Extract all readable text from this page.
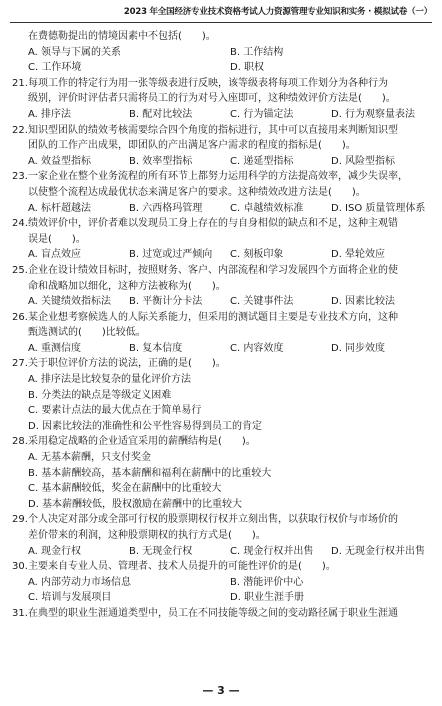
2023 年全国经济专业技术资格考试人力资源管理专业知识和实务 · 模拟试卷（一）
在费德勒提出的情境因素中不包括(　　)。
A. 领导与下属的关系	B. 工作结构
C. 工作环境	D. 职权
21. 每项工作的特定行为用一张等级表进行反映，该等级表将每项工作划分为各种行为
级别，评价时评估者只需将员工的行为对号入座即可，这种绩效评价方法是(　　)。
A. 排序法	B. 配对比较法	C. 行为锚定法	D. 行为观察量表法
22. 知识型团队的绩效考核需要综合四个角度的指标进行，其中可以直接用来判断知识型
团队的工作产出成果，即团队的产出满足客户需求的程度的指标是(　　)。
A. 效益型指标	B. 效率型指标	C. 递延型指标	D. 风险型指标
23. 一家企业在整个业务流程的所有环节上都努力运用科学的方法提高效率，减少失误率，
以使整个流程达成最优状态来满足客户的要求。这种绩效改进方法是(　　)。
A. 标杆超越法	B. 六西格玛管理	C. 卓越绩效标准	D. ISO 质量管理体系
24. 绩效评价中，评价者难以发现员工身上存在的与自身相似的缺点和不足，这种主观错
误是(　　)。
A. 盲点效应	B. 过宽或过严倾向	C. 刻板印象	D. 晕轮效应
25. 企业在设计绩效目标时，按照财务、客户、内部流程和学习发展四个方面将企业的使
命和战略加以细化，这种方法被称为(　　)。
A. 关键绩效指标法	B. 平衡计分卡法	C. 关键事件法	D. 因素比较法
26. 某企业想考察候选人的人际关系能力，但采用的测试题目主要是专业技术方向，这种
甄选测试的(　　)比较低。
A. 重测信度	B. 复本信度	C. 内容效度	D. 同步效度
27. 关于职位评价方法的说法，正确的是(　　)。
A. 排序法是比较复杂的量化评价方法
B. 分类法的缺点是等级定义困难
C. 要素计点法的最大优点在于简单易行
D. 因素比较法的准确性和公平性容易得到员工的肯定
28. 采用稳定战略的企业适宜采用的薪酬结构是(　　)。
A. 无基本薪酬，只支付奖金
B. 基本薪酬较高，基本薪酬和福利在薪酬中的比重较大
C. 基本薪酬较低，奖金在薪酬中的比重较大
D. 基本薪酬较低，股权激励在薪酬中的比重较大
29. 个人决定对部分或全部可行权的股票期权行权并立刻出售，以获取行权价与市场价的
差价带来的利润，这种股票期权的执行方式是(　　)。
A. 现金行权	B. 无现金行权	C. 现金行权并出售	D. 无现金行权并出售
30. 主要来自专业人员、管理者、技术人员提升的可能性评价的是(　　)。
A. 内部劳动力市场信息	B. 潜能评价中心
C. 培训与发展项目	D. 职业生涯手册
31. 在典型的职业生涯通道类型中，员工在不同技能等级之间的变动路径属于职业生涯通
— 3 —
